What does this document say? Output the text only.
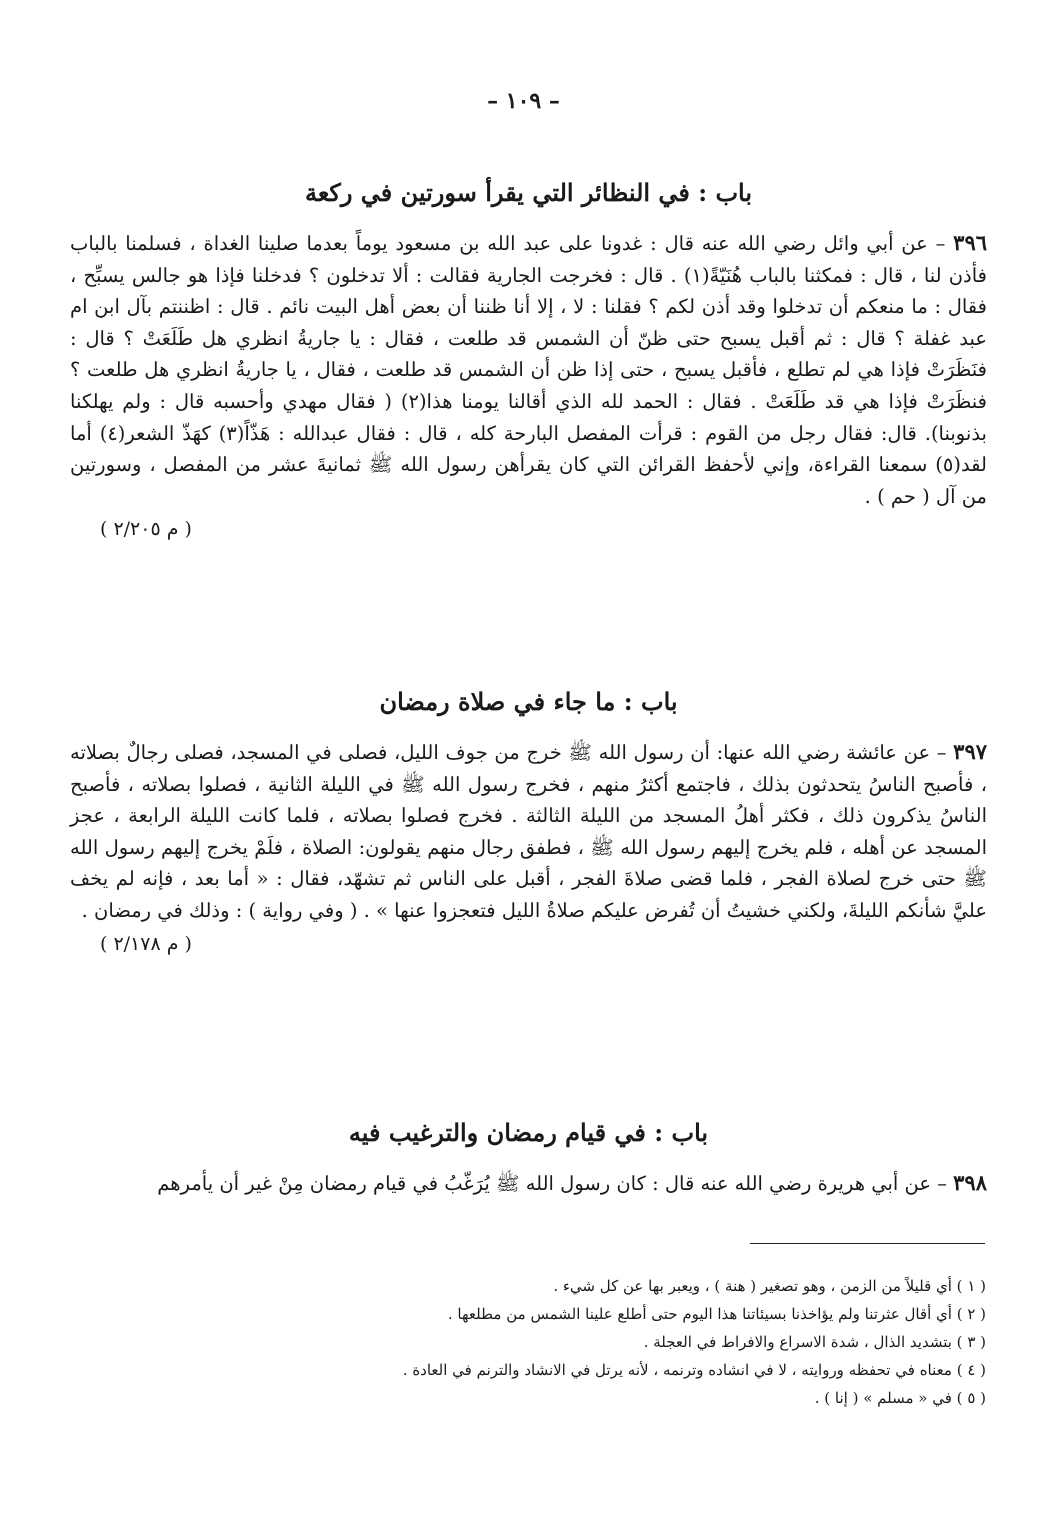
– ١٠٩ –
باب : في النظائر التي يقرأ سورتين في ركعة

٣٩٦ – عن أبي وائل رضي الله عنه قال : غدونا على عبد الله بن مسعود يوماً بعدما صلينا الغداة ، فسلمنا بالباب فأذن لنا ، قال : فمكثنا بالباب هُنَيّةً(١) . قال : فخرجت الجارية فقالت : ألا تدخلون ؟ فدخلنا فإذا هو جالس يسبِّح ، فقال : ما منعكم أن تدخلوا وقد أذن لكم ؟ فقلنا : لا ، إلا أنا ظننا أن بعض أهل البيت نائم . قال : اظننتم بآل ابن ام عبد غفلة ؟ قال : ثم أقبل يسبح حتى ظنّ أن الشمس قد طلعت ، فقال : يا جاريةُ انظري هل طَلَعَتْ ؟ قال : فنَظَرَتْ فإذا هي لم تطلع ، فأقبل يسبح ، حتى إذا ظن أن الشمس قد طلعت ، فقال ، يا جاريةُ انظري هل طلعت ؟ فنظَرَتْ فإذا هي قد طَلَعَتْ . فقال : الحمد لله الذي أقالنا يومنا هذا(٢) ( فقال مهدي وأحسبه قال : ولم يهلكنا بذنوبنا). قال: فقال رجل من القوم : قرأت المفصل البارحة كله ، قال : فقال عبدالله : هَذّاً(٣) كهَذّ الشعر(٤) أما لقد(٥) سمعنا القراءة، وإني لأحفظ القرائن التي كان يقرأهن رسول الله ﷺ ثمانيةَ عشر من المفصل ، وسورتين من آل ( حم ) .

( م ٢/٢٠٥ )
باب : ما جاء في صلاة رمضان

٣٩٧ – عن عائشة رضي الله عنها: أن رسول الله ﷺ خرج من جوف الليل، فصلى في المسجد، فصلى رجالٌ بصلاته ، فأصبح الناسُ يتحدثون بذلك ، فاجتمع أكثرُ منهم ، فخرج رسول الله ﷺ في الليلة الثانية ، فصلوا بصلاته ، فأصبح الناسُ يذكرون ذلك ، فكثر أهلُ المسجد من الليلة الثالثة . فخرج فصلوا بصلاته ، فلما كانت الليلة الرابعة ، عجز المسجد عن أهله ، فلم يخرج إليهم رسول الله ﷺ ، فطفق رجال منهم يقولون: الصلاة ، فلَمْ يخرج إليهم رسول الله ﷺ حتى خرج لصلاة الفجر ، فلما قضى صلاةَ الفجر ، أقبل على الناس ثم تشهّد، فقال : « أما بعد ، فإنه لم يخف عليَّ شأنكم الليلةَ، ولكني خشيتُ أن تُفرض عليكم صلاةُ الليل فتعجزوا عنها » . ( وفي رواية ) : وذلك في رمضان .

( م ٢/١٧٨ )
باب : في قيام رمضان والترغيب فيه

٣٩٨ – عن أبي هريرة رضي الله عنه قال : كان رسول الله ﷺ يُرَغّبُ في قيام رمضان مِنْ غير أن يأمرهم

( ١ ) أي قليلاً من الزمن ، وهو تصغير ( هنة ) ، ويعبر بها عن كل شيء .
( ٢ ) أي أقال عثرتنا ولم يؤاخذنا بسيئاتنا هذا اليوم حتى أطلع علينا الشمس من مطلعها .
( ٣ ) بتشديد الذال ، شدة الاسراع والافراط في العجلة .
( ٤ ) معناه في تحفظه وروايته ، لا في انشاده وترنمه ، لأنه يرتل في الانشاد والترنم في العادة .
( ٥ ) في « مسلم » ( إنا ) .
